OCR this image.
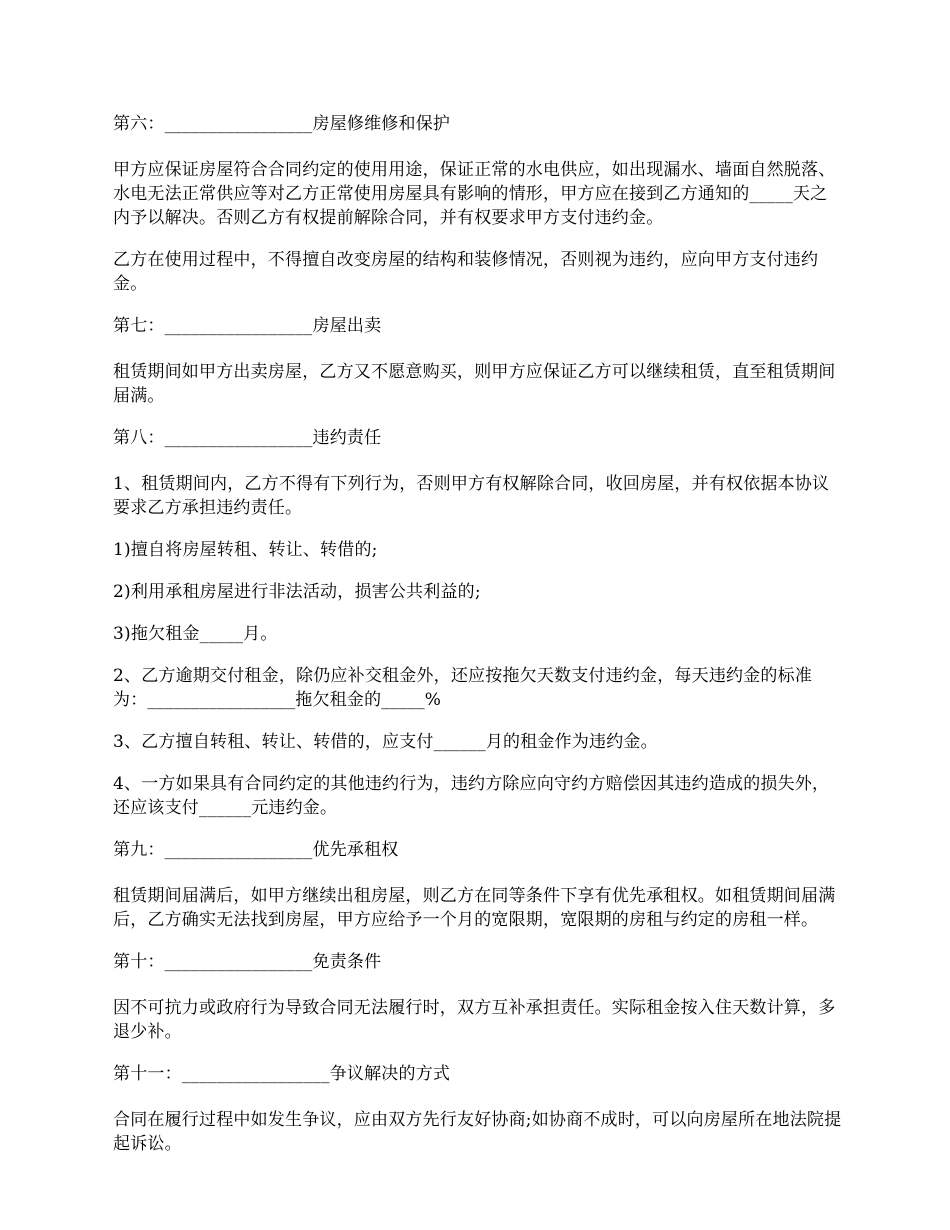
第六：_________________房屋修维修和保护

甲方应保证房屋符合合同约定的使用用途，保证正常的水电供应，如出现漏水、墙面自然脱落、水电无法正常供应等对乙方正常使用房屋具有影响的情形，甲方应在接到乙方通知的_____天之内予以解决。否则乙方有权提前解除合同，并有权要求甲方支付违约金。

乙方在使用过程中，不得擅自改变房屋的结构和装修情况，否则视为违约，应向甲方支付违约金。

第七：_________________房屋出卖

租赁期间如甲方出卖房屋，乙方又不愿意购买，则甲方应保证乙方可以继续租赁，直至租赁期间届满。

第八：_________________违约责任

1、租赁期间内，乙方不得有下列行为，否则甲方有权解除合同，收回房屋，并有权依据本协议要求乙方承担违约责任。

1)擅自将房屋转租、转让、转借的;

2)利用承租房屋进行非法活动，损害公共利益的;

3)拖欠租金_____月。

2、乙方逾期交付租金，除仍应补交租金外，还应按拖欠天数支付违约金，每天违约金的标准为：_________________拖欠租金的_____%

3、乙方擅自转租、转让、转借的，应支付______月的租金作为违约金。

4、一方如果具有合同约定的其他违约行为，违约方除应向守约方赔偿因其违约造成的损失外，还应该支付______元违约金。

第九：_________________优先承租权

租赁期间届满后，如甲方继续出租房屋，则乙方在同等条件下享有优先承租权。如租赁期间届满后，乙方确实无法找到房屋，甲方应给予一个月的宽限期，宽限期的房租与约定的房租一样。

第十：_________________免责条件

因不可抗力或政府行为导致合同无法履行时，双方互补承担责任。实际租金按入住天数计算，多退少补。

第十一：_________________争议解决的方式

合同在履行过程中如发生争议，应由双方先行友好协商;如协商不成时，可以向房屋所在地法院提起诉讼。
